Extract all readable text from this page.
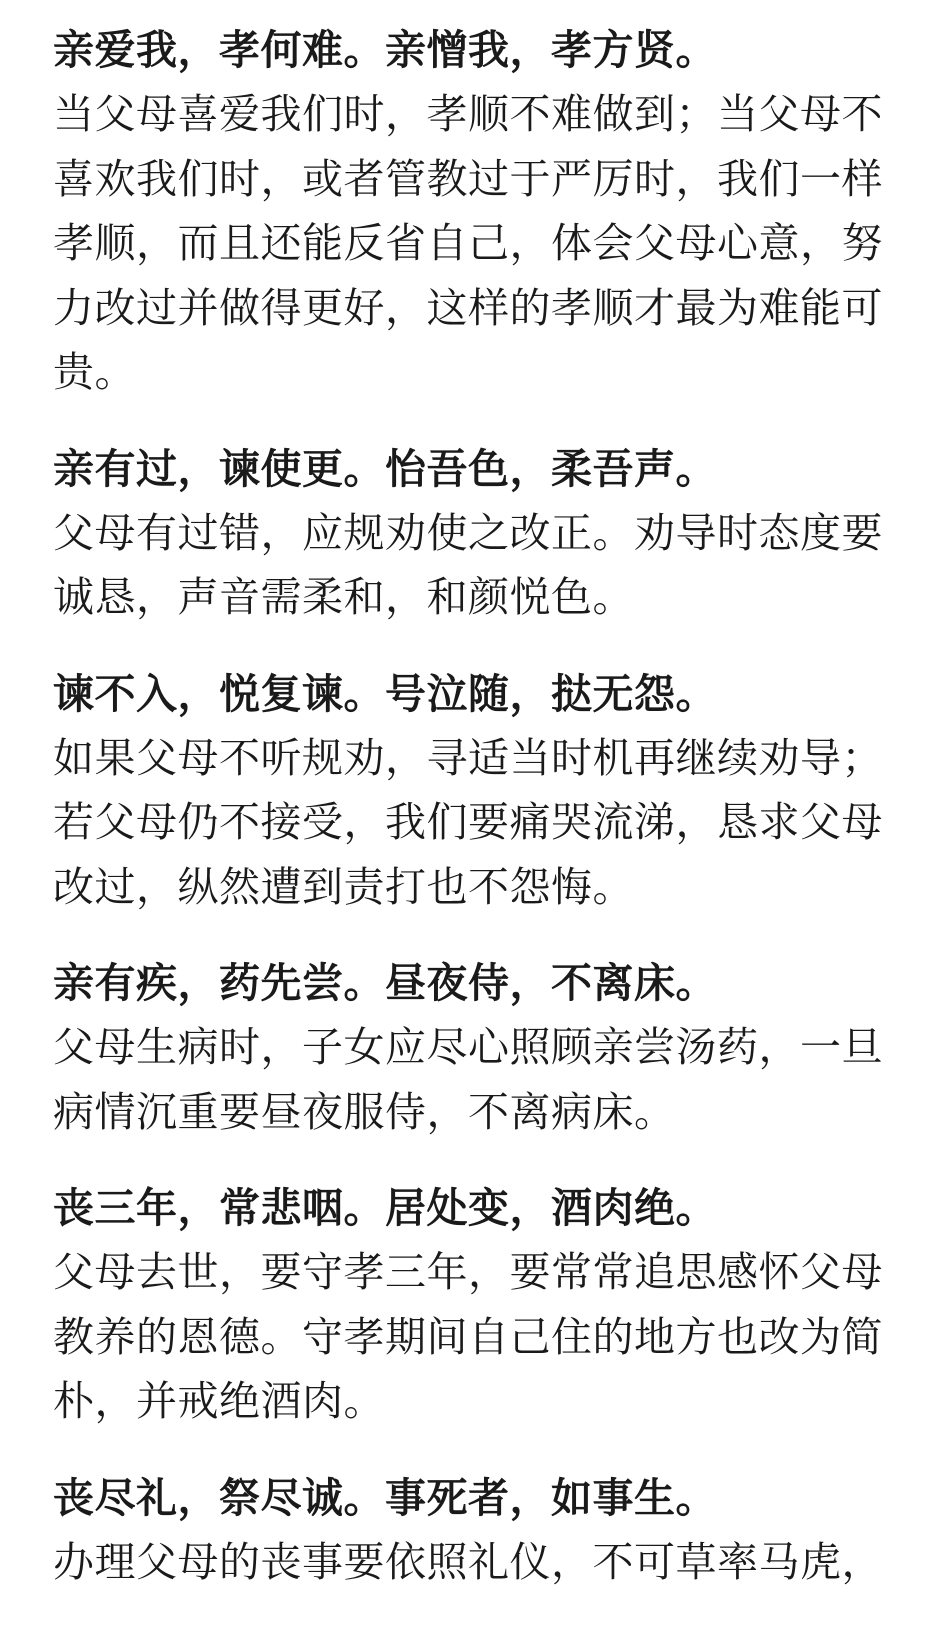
亲爱我，孝何难。亲憎我，孝方贤。
当父母喜爱我们时，孝顺不难做到；当父母不
喜欢我们时，或者管教过于严厉时，我们一样
孝顺，而且还能反省自己，体会父母心意，努
力改过并做得更好，这样的孝顺才最为难能可
贵。
亲有过，谏使更。怡吾色，柔吾声。
父母有过错，应规劝使之改正。劝导时态度要
诚恳，声音需柔和，和颜悦色。
谏不入，悦复谏。号泣随，挞无怨。
如果父母不听规劝，寻适当时机再继续劝导；
若父母仍不接受，我们要痛哭流涕，恳求父母
改过，纵然遭到责打也不怨悔。
亲有疾，药先尝。昼夜侍，不离床。
父母生病时，子女应尽心照顾亲尝汤药，一旦
病情沉重要昼夜服侍，不离病床。
丧三年，常悲咽。居处变，酒肉绝。
父母去世，要守孝三年，要常常追思感怀父母
教养的恩德。守孝期间自己住的地方也改为简
朴，并戒绝酒肉。
丧尽礼，祭尽诚。事死者，如事生。
办理父母的丧事要依照礼仪，不可草率马虎，
